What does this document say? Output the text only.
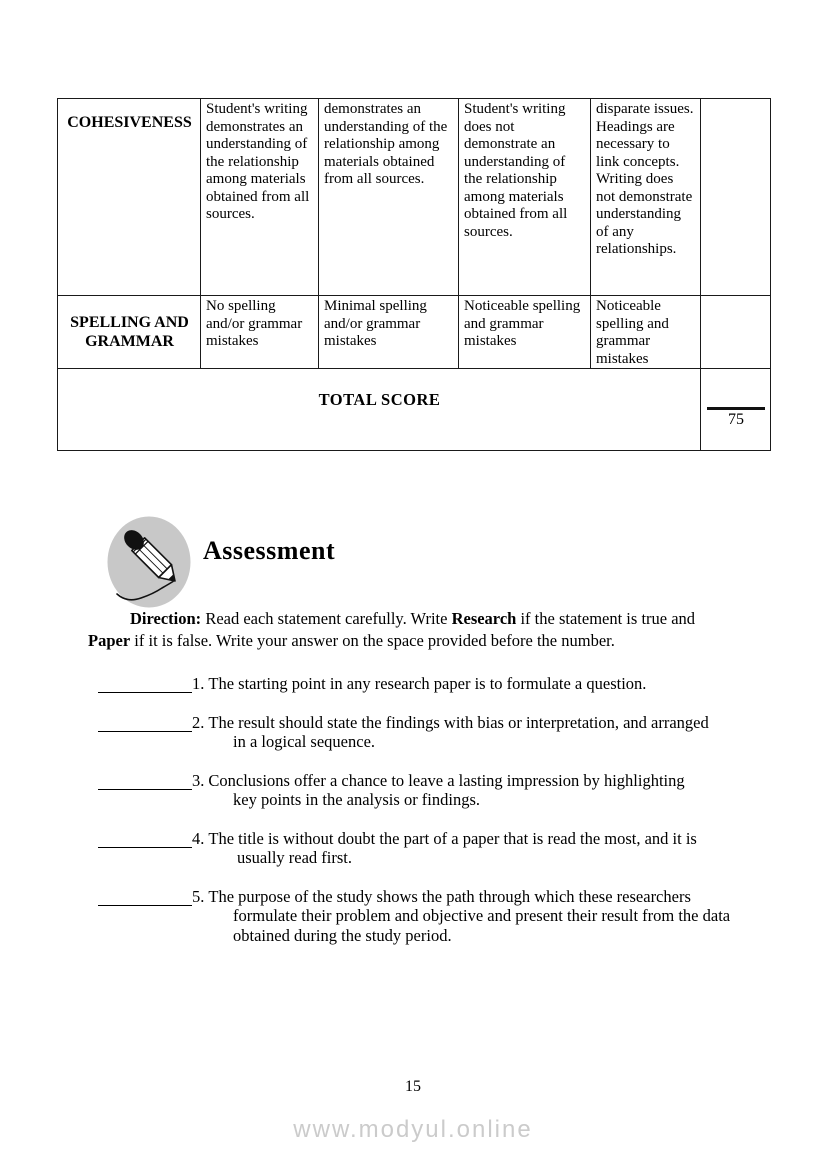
COHESIVENESS	Student's writing demonstrates an understanding of the relationship among materials obtained from all sources.	demonstrates an understanding of the relationship among materials obtained from all sources.	Student's writing does not demonstrate an understanding of the relationship among materials obtained from all sources.	disparate issues. Headings are necessary to link concepts. Writing does not demonstrate understanding of any relationships.	
SPELLING AND GRAMMAR	No spelling and/or grammar mistakes	Minimal spelling and/or grammar mistakes	Noticeable spelling and grammar mistakes	Noticeable spelling and grammar mistakes	
TOTAL SCORE					75
Assessment

Direction: Read each statement carefully. Write Research if the statement is true and
Paper if it is false. Write your answer on the space provided before the number.

1. The starting point in any research paper is to formulate a question.
2. The result should state the findings with bias or interpretation, and arranged
in a logical sequence.
3. Conclusions offer a chance to leave a lasting impression by highlighting
key points in the analysis or findings.
4. The title is without doubt the part of a paper that is read the most, and it is
usually read first.
5. The purpose of the study shows the path through which these researchers
formulate their problem and objective and present their result from the data
obtained during the study period.
15
www.modyul.online
